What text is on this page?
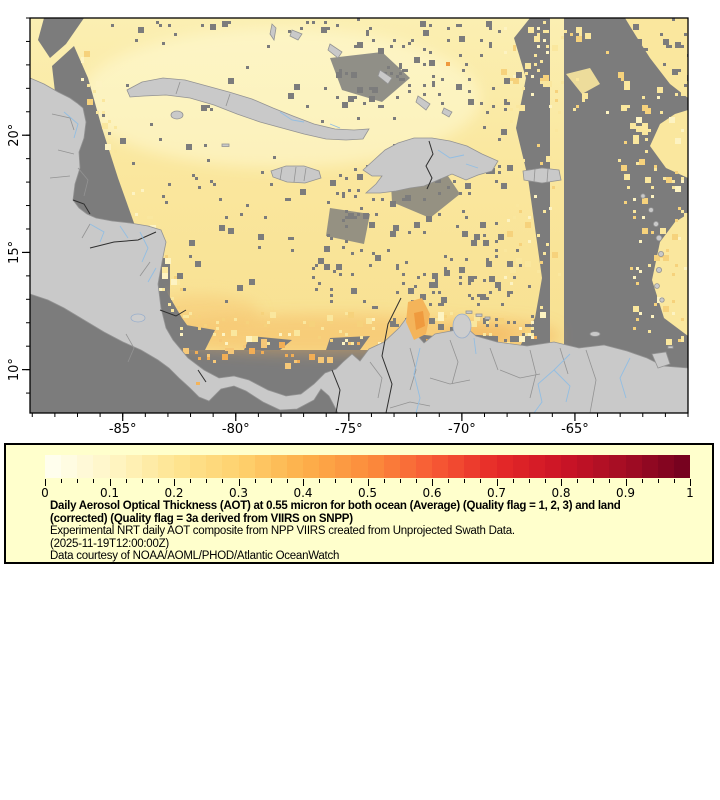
-85°	-80°	-75°	-70°	-65°
20°
15°
10°
0	0.1	0.2	0.3	0.4	0.5	0.6	0.7	0.8	0.9	1
Daily Aerosol Optical Thickness (AOT) at 0.55 micron for both ocean (Average) (Quality flag = 1, 2, 3) and land (corrected) (Quality flag = 3a derived from VIIRS on SNPP)
Experimental NRT daily AOT composite from NPP VIIRS created from Unprojected Swath Data.
(2025-11-19T12:00:00Z)
Data courtesy of NOAA/AOML/PHOD/Atlantic OceanWatch
